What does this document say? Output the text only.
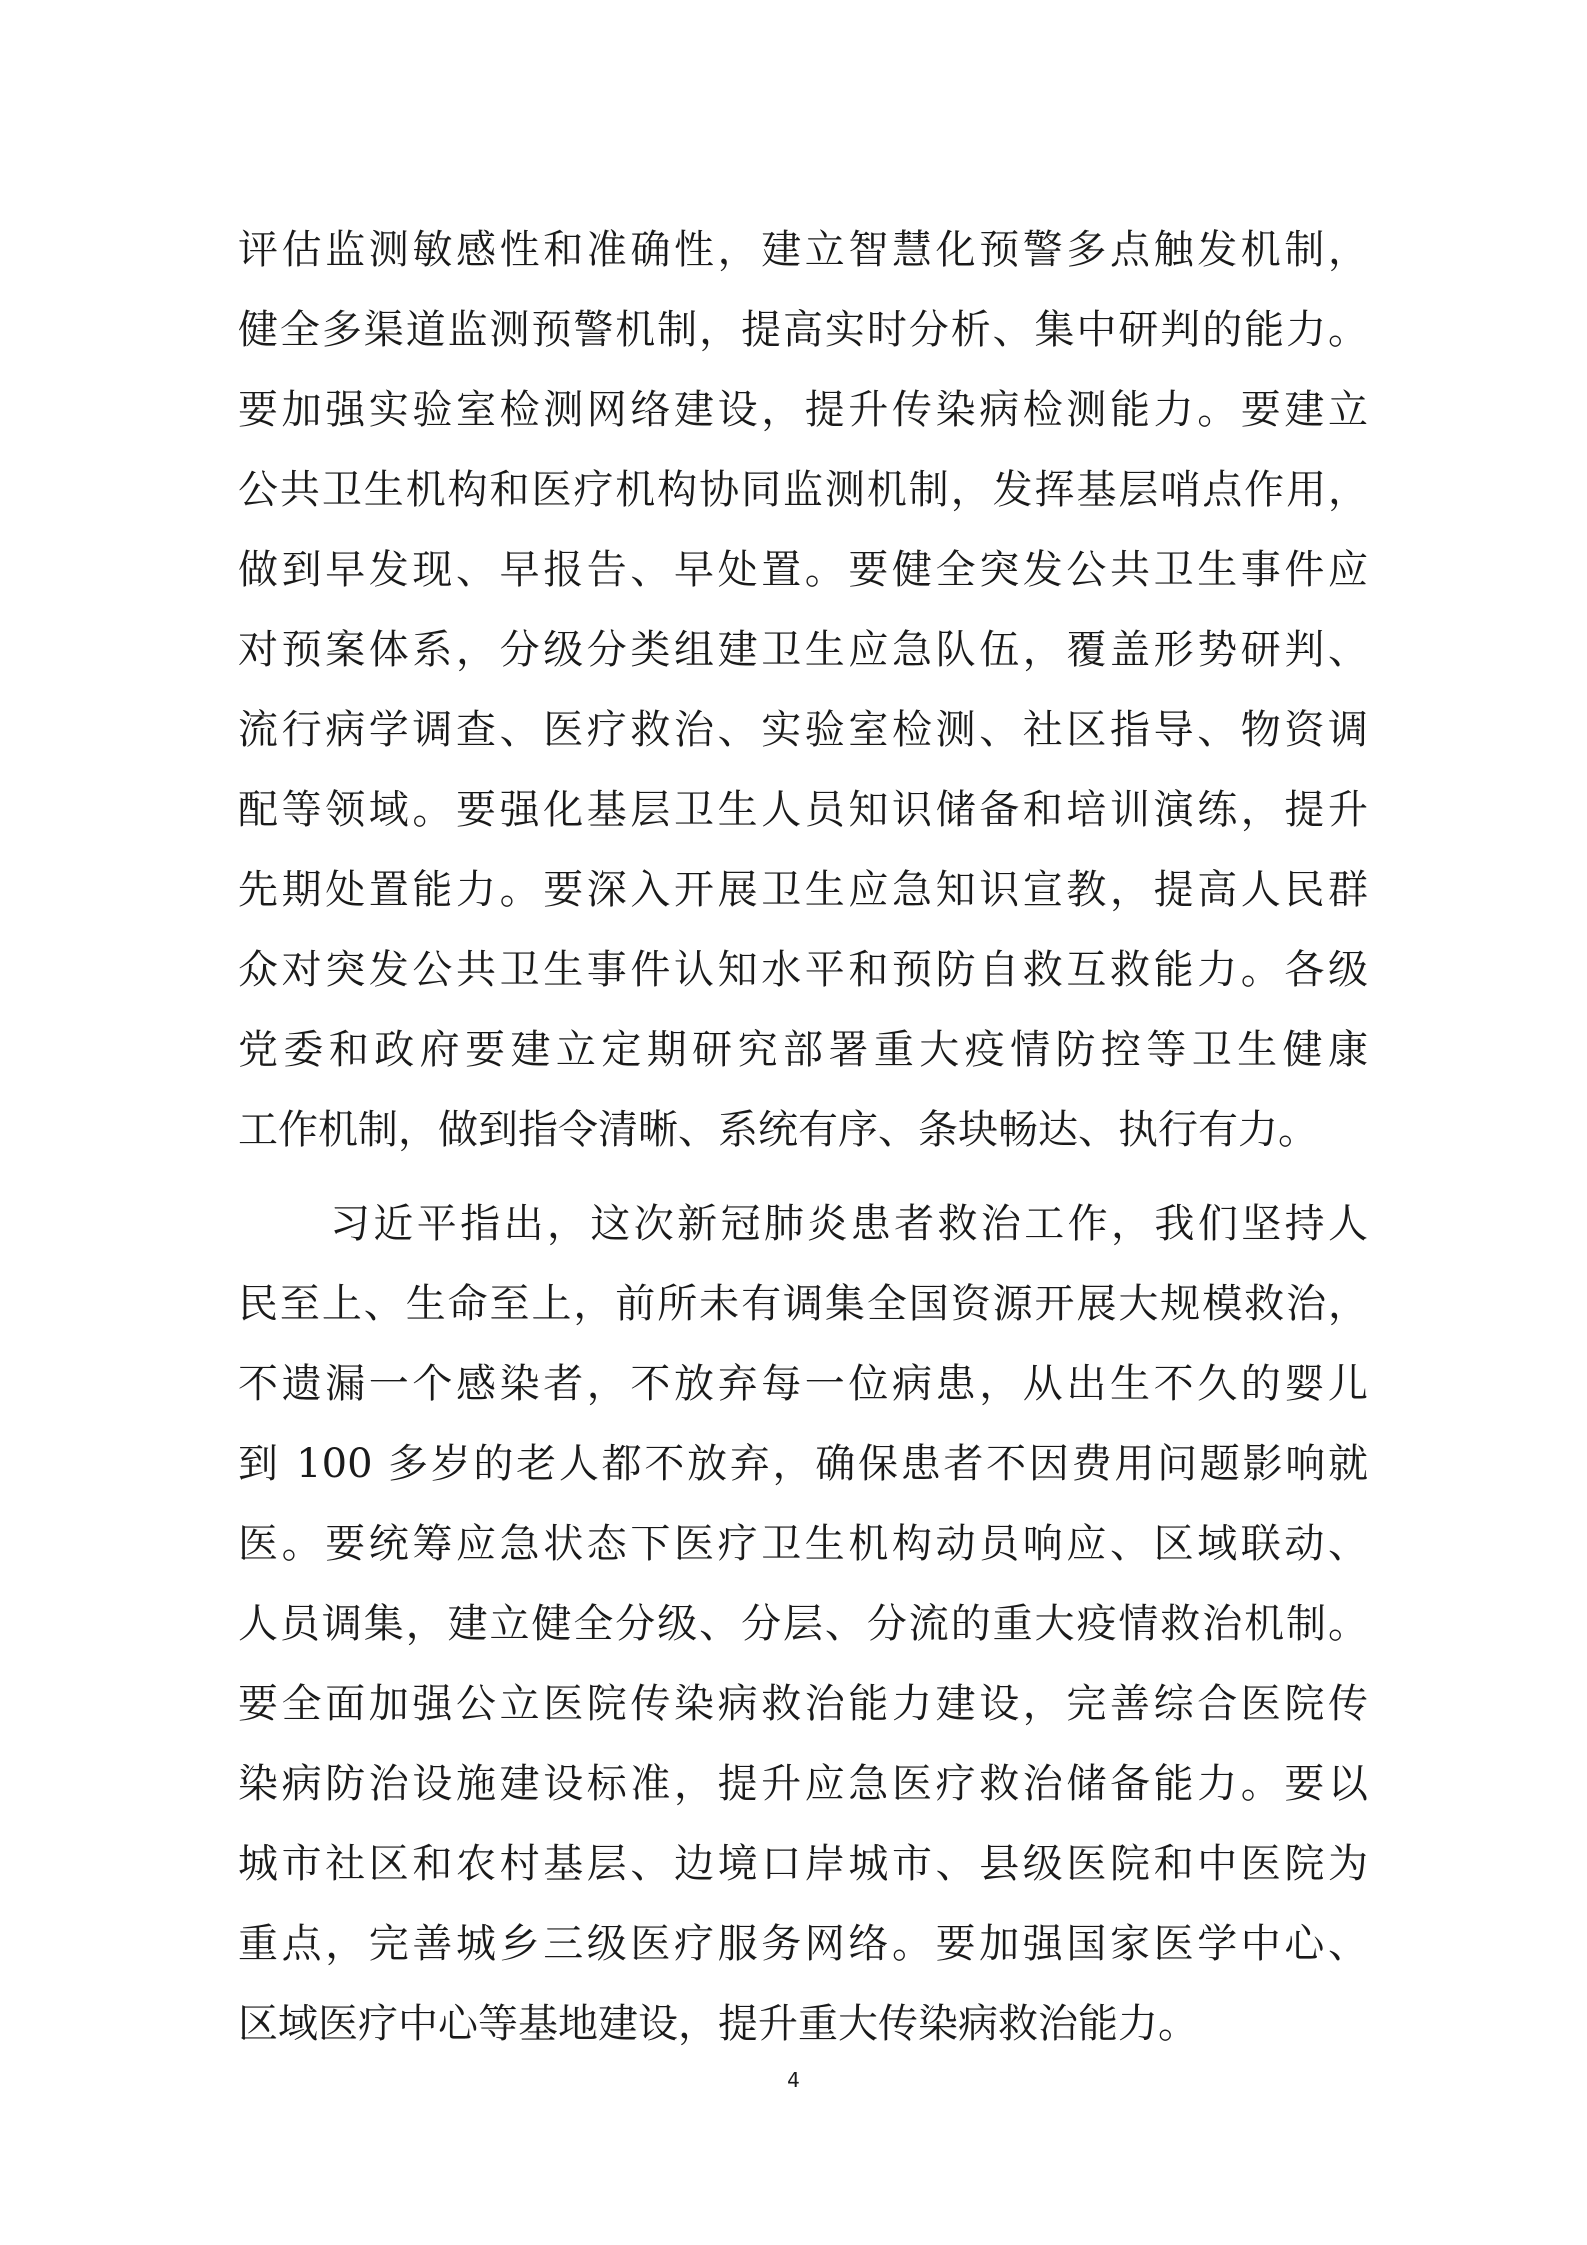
评估监测敏感性和准确性，建立智慧化预警多点触发机制，
健全多渠道监测预警机制，提高实时分析、集中研判的能力。
要加强实验室检测网络建设，提升传染病检测能力。要建立
公共卫生机构和医疗机构协同监测机制，发挥基层哨点作用，
做到早发现、早报告、早处置。要健全突发公共卫生事件应
对预案体系，分级分类组建卫生应急队伍，覆盖形势研判、
流行病学调查、医疗救治、实验室检测、社区指导、物资调
配等领域。要强化基层卫生人员知识储备和培训演练，提升
先期处置能力。要深入开展卫生应急知识宣教，提高人民群
众对突发公共卫生事件认知水平和预防自救互救能力。各级
党委和政府要建立定期研究部署重大疫情防控等卫生健康
工作机制，做到指令清晰、系统有序、条块畅达、执行有力。
习近平指出，这次新冠肺炎患者救治工作，我们坚持人
民至上、生命至上，前所未有调集全国资源开展大规模救治，
不遗漏一个感染者，不放弃每一位病患，从出生不久的婴儿
到 100 多岁的老人都不放弃，确保患者不因费用问题影响就
医。要统筹应急状态下医疗卫生机构动员响应、区域联动、
人员调集，建立健全分级、分层、分流的重大疫情救治机制。
要全面加强公立医院传染病救治能力建设，完善综合医院传
染病防治设施建设标准，提升应急医疗救治储备能力。要以
城市社区和农村基层、边境口岸城市、县级医院和中医院为
重点，完善城乡三级医疗服务网络。要加强国家医学中心、
区域医疗中心等基地建设，提升重大传染病救治能力。
4
